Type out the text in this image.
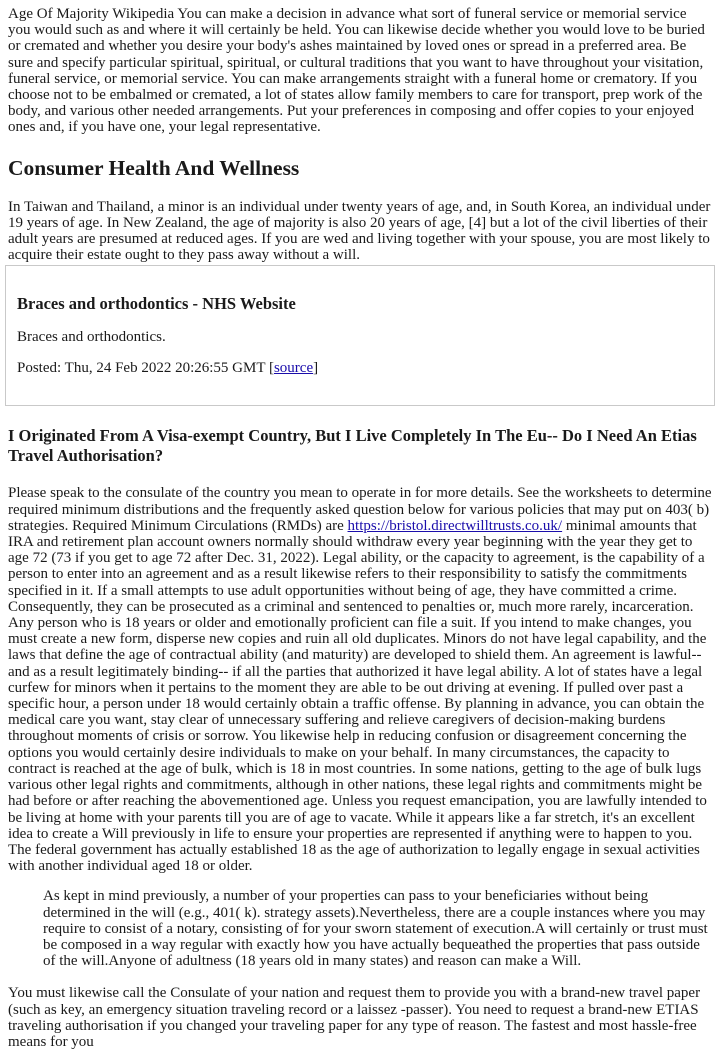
Age Of Majority Wikipedia You can make a decision in advance what sort of funeral service or memorial service you would such as and where it will certainly be held. You can likewise decide whether you would love to be buried or cremated and whether you desire your body's ashes maintained by loved ones or spread in a preferred area. Be sure and specify particular spiritual, spiritual, or cultural traditions that you want to have throughout your visitation, funeral service, or memorial service. You can make arrangements straight with a funeral home or crematory. If you choose not to be embalmed or cremated, a lot of states allow family members to care for transport, prep work of the body, and various other needed arrangements. Put your preferences in composing and offer copies to your enjoyed ones and, if you have one, your legal representative.

Consumer Health And Wellness

In Taiwan and Thailand, a minor is an individual under twenty years of age, and, in South Korea, an individual under 19 years of age. In New Zealand, the age of majority is also 20 years of age, [4] but a lot of the civil liberties of their adult years are presumed at reduced ages. If you are wed and living together with your spouse, you are most likely to acquire their estate ought to they pass away without a will.

Braces and orthodontics - NHS Website

Braces and orthodontics.

Posted: Thu, 24 Feb 2022 20:26:55 GMT [source]

I Originated From A Visa-exempt Country, But I Live Completely In The Eu-- Do I Need An Etias Travel Authorisation?

Please speak to the consulate of the country you mean to operate in for more details. See the worksheets to determine required minimum distributions and the frequently asked question below for various policies that may put on 403( b) strategies. Required Minimum Circulations (RMDs) are https://bristol.directwilltrusts.co.uk/ minimal amounts that IRA and retirement plan account owners normally should withdraw every year beginning with the year they get to age 72 (73 if you get to age 72 after Dec. 31, 2022). Legal ability, or the capacity to agreement, is the capability of a person to enter into an agreement and as a result likewise refers to their responsibility to satisfy the commitments specified in it. If a small attempts to use adult opportunities without being of age, they have committed a crime. Consequently, they can be prosecuted as a criminal and sentenced to penalties or, much more rarely, incarceration. Any person who is 18 years or older and emotionally proficient can file a suit. If you intend to make changes, you must create a new form, disperse new copies and ruin all old duplicates. Minors do not have legal capability, and the laws that define the age of contractual ability (and maturity) are developed to shield them. An agreement is lawful-- and as a result legitimately binding-- if all the parties that authorized it have legal ability. A lot of states have a legal curfew for minors when it pertains to the moment they are able to be out driving at evening. If pulled over past a specific hour, a person under 18 would certainly obtain a traffic offense. By planning in advance, you can obtain the medical care you want, stay clear of unnecessary suffering and relieve caregivers of decision-making burdens throughout moments of crisis or sorrow. You likewise help in reducing confusion or disagreement concerning the options you would certainly desire individuals to make on your behalf. In many circumstances, the capacity to contract is reached at the age of bulk, which is 18 in most countries. In some nations, getting to the age of bulk lugs various other legal rights and commitments, although in other nations, these legal rights and commitments might be had before or after reaching the abovementioned age. Unless you request emancipation, you are lawfully intended to be living at home with your parents till you are of age to vacate. While it appears like a far stretch, it's an excellent idea to create a Will previously in life to ensure your properties are represented if anything were to happen to you. The federal government has actually established 18 as the age of authorization to legally engage in sexual activities with another individual aged 18 or older.

As kept in mind previously, a number of your properties can pass to your beneficiaries without being determined in the will (e.g., 401( k). strategy assets).Nevertheless, there are a couple instances where you may require to consist of a notary, consisting of for your sworn statement of execution.A will certainly or trust must be composed in a way regular with exactly how you have actually bequeathed the properties that pass outside of the will.Anyone of adultness (18 years old in many states) and reason can make a Will.

You must likewise call the Consulate of your nation and request them to provide you with a brand-new travel paper (such as key, an emergency situation traveling record or a laissez -passer). You need to request a brand-new ETIAS traveling authorisation if you changed your traveling paper for any type of reason. The fastest and most hassle-free means for you
